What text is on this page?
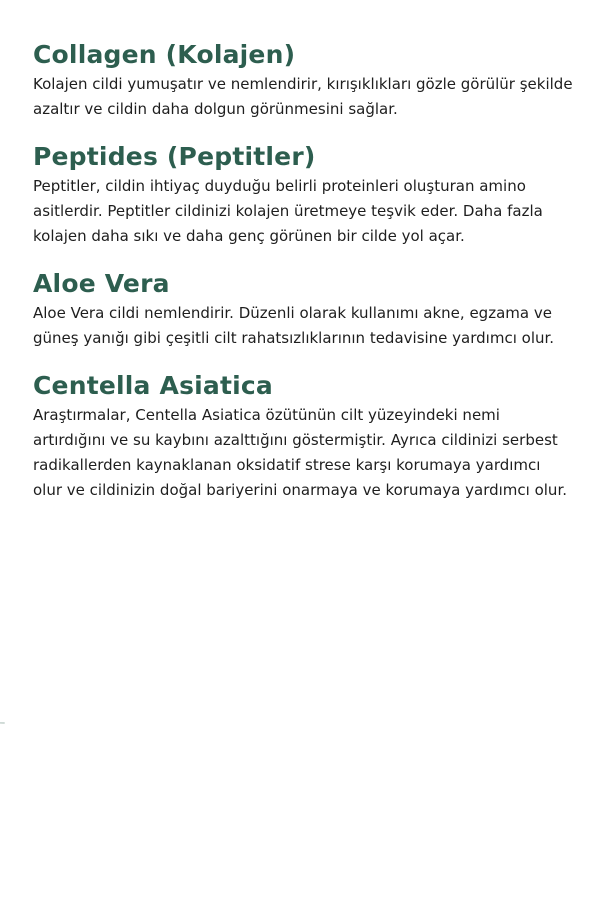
Collagen (Kolajen)

Kolajen cildi yumuşatır ve nemlendirir, kırışıklıkları gözle görülür şekilde azaltır ve cildin daha dolgun görünmesini sağlar.

Peptides (Peptitler)

Peptitler, cildin ihtiyaç duyduğu belirli proteinleri oluşturan amino asitlerdir. Peptitler cildinizi kolajen üretmeye teşvik eder. Daha fazla kolajen daha sıkı ve daha genç görünen bir cilde yol açar.

Aloe Vera

Aloe Vera cildi nemlendirir. Düzenli olarak kullanımı akne, egzama ve güneş yanığı gibi çeşitli cilt rahatsızlıklarının tedavisine yardımcı olur.

Centella Asiatica

Araştırmalar, Centella Asiatica özütünün cilt yüzeyindeki nemi artırdığını ve su kaybını azalttığını göstermiştir. Ayrıca cildinizi serbest radikallerden kaynaklanan oksidatif strese karşı korumaya yardımcı olur ve cildinizin doğal bariyerini onarmaya ve korumaya yardımcı olur.
